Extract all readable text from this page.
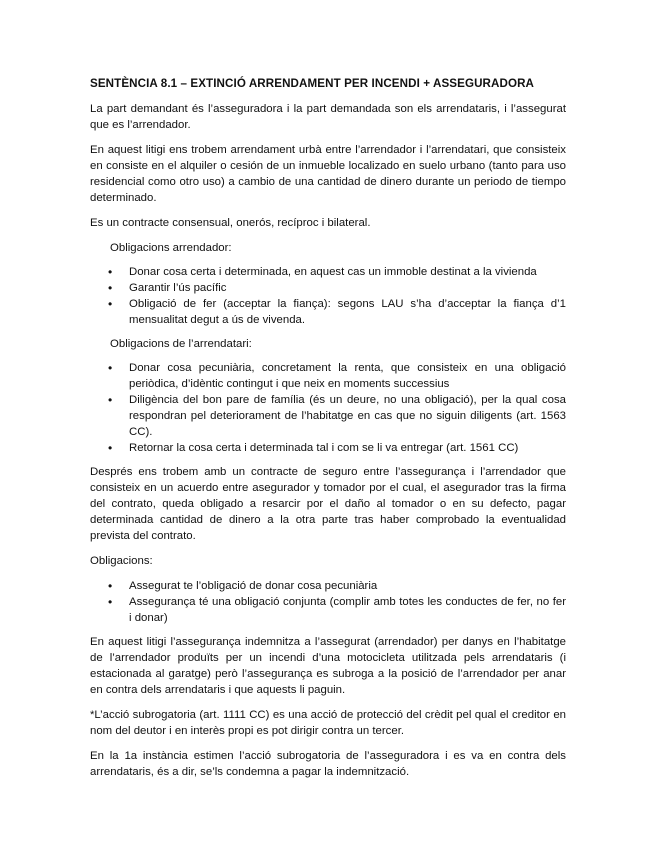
SENTÈNCIA 8.1 – EXTINCIÓ ARRENDAMENT PER INCENDI + ASSEGURADORA

La part demandant és l’asseguradora i la part demandada son els arrendataris, i l’assegurat que es l’arrendador.

En aquest litigi ens trobem arrendament urbà entre l’arrendador i l’arrendatari, que consisteix en consiste en el alquiler o cesión de un inmueble localizado en suelo urbano (tanto para uso residencial como otro uso) a cambio de una cantidad de dinero durante un periodo de tiempo determinado.

Es un contracte consensual, onerós, recíproc i bilateral.

Obligacions arrendador:

• Donar cosa certa i determinada, en aquest cas un immoble destinat a la vivienda
• Garantir l’ús pacífic
• Obligació de fer (acceptar la fiança): segons LAU s’ha d’acceptar la fiança d’1 mensualitat degut a ús de vivenda.

Obligacions de l’arrendatari:

• Donar cosa pecuniària, concretament la renta, que consisteix en una obligació periòdica, d’idèntic contingut i que neix en moments successius
• Diligència del bon pare de família (és un deure, no una obligació), per la qual cosa respondran pel deteriorament de l’habitatge en cas que no siguin diligents (art. 1563 CC).
• Retornar la cosa certa i determinada tal i com se li va entregar (art. 1561 CC)

Després ens trobem amb un contracte de seguro entre l’assegurança i l’arrendador que consisteix en un acuerdo entre asegurador y tomador por el cual, el asegurador tras la firma del contrato, queda obligado a resarcir por el daño al tomador o en su defecto, pagar determinada cantidad de dinero a la otra parte tras haber comprobado la eventualidad prevista del contrato.

Obligacions:

• Assegurat te l’obligació de donar cosa pecuniària
• Assegurança té una obligació conjunta (complir amb totes les conductes de fer, no fer i donar)

En aquest litigi l’assegurança indemnitza a l’assegurat (arrendador) per danys en l’habitatge de l’arrendador produïts per un incendi d’una motocicleta utilitzada pels arrendataris (i estacionada al garatge) però l’assegurança es subroga a la posició de l’arrendador per anar en contra dels arrendataris i que aquests li paguin.

*L’acció subrogatoria (art. 1111 CC) es una acció de protecció del crèdit pel qual el creditor en nom del deutor i en interès propi es pot dirigir contra un tercer.

En la 1a instància estimen l’acció subrogatoria de l’asseguradora i es va en contra dels arrendataris, és a dir, se’ls condemna a pagar la indemnització.
